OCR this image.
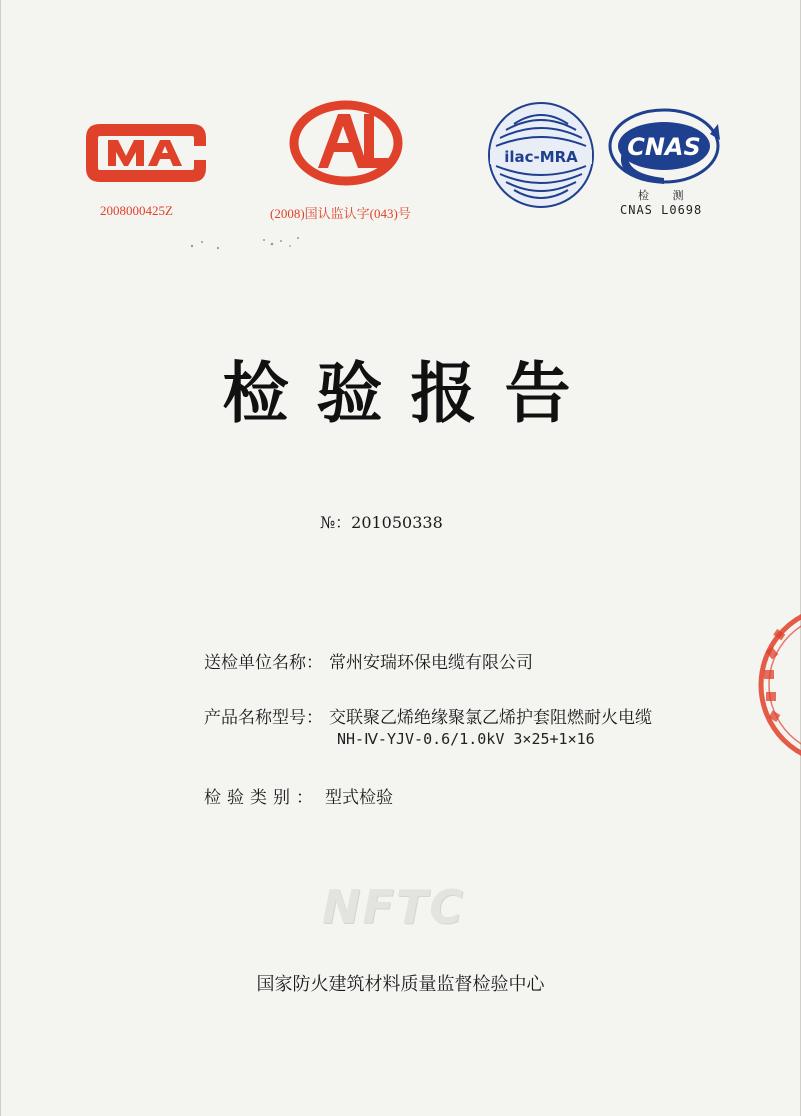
2008000425Z	(2008)国认监认字(043)号
ilac-MRA CNAS
检 测
CNAS L0698
检验报告
№：201050338
送检单位名称： 常州安瑞环保电缆有限公司
产品名称型号： 交联聚乙烯绝缘聚氯乙烯护套阻燃耐火电缆
NH-Ⅳ-YJV-0.6/1.0kV 3×25+1×16
检验类别： 型式检验
NFTC
国家防火建筑材料质量监督检验中心
